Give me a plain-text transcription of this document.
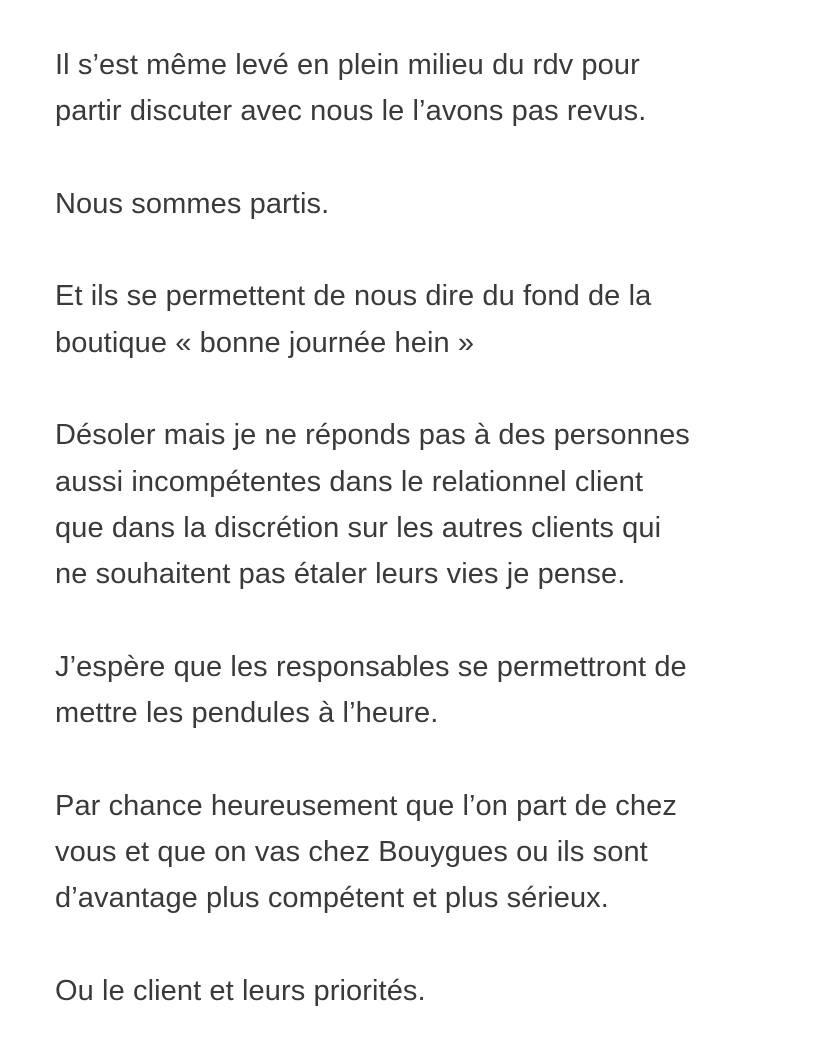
Il s’est même levé en plein milieu du rdv pour
partir discuter avec nous le l’avons pas revus.

Nous sommes partis.

Et ils se permettent de nous dire du fond de la
boutique « bonne journée hein »

Désoler mais je ne réponds pas à des personnes
aussi incompétentes dans le relationnel client
que dans la discrétion sur les autres clients qui
ne souhaitent pas étaler leurs vies je pense.

J’espère que les responsables se permettront de
mettre les pendules à l’heure.

Par chance heureusement que l’on part de chez
vous et que on vas chez Bouygues ou ils sont
d’avantage plus compétent et plus sérieux.

Ou le client et leurs priorités.
